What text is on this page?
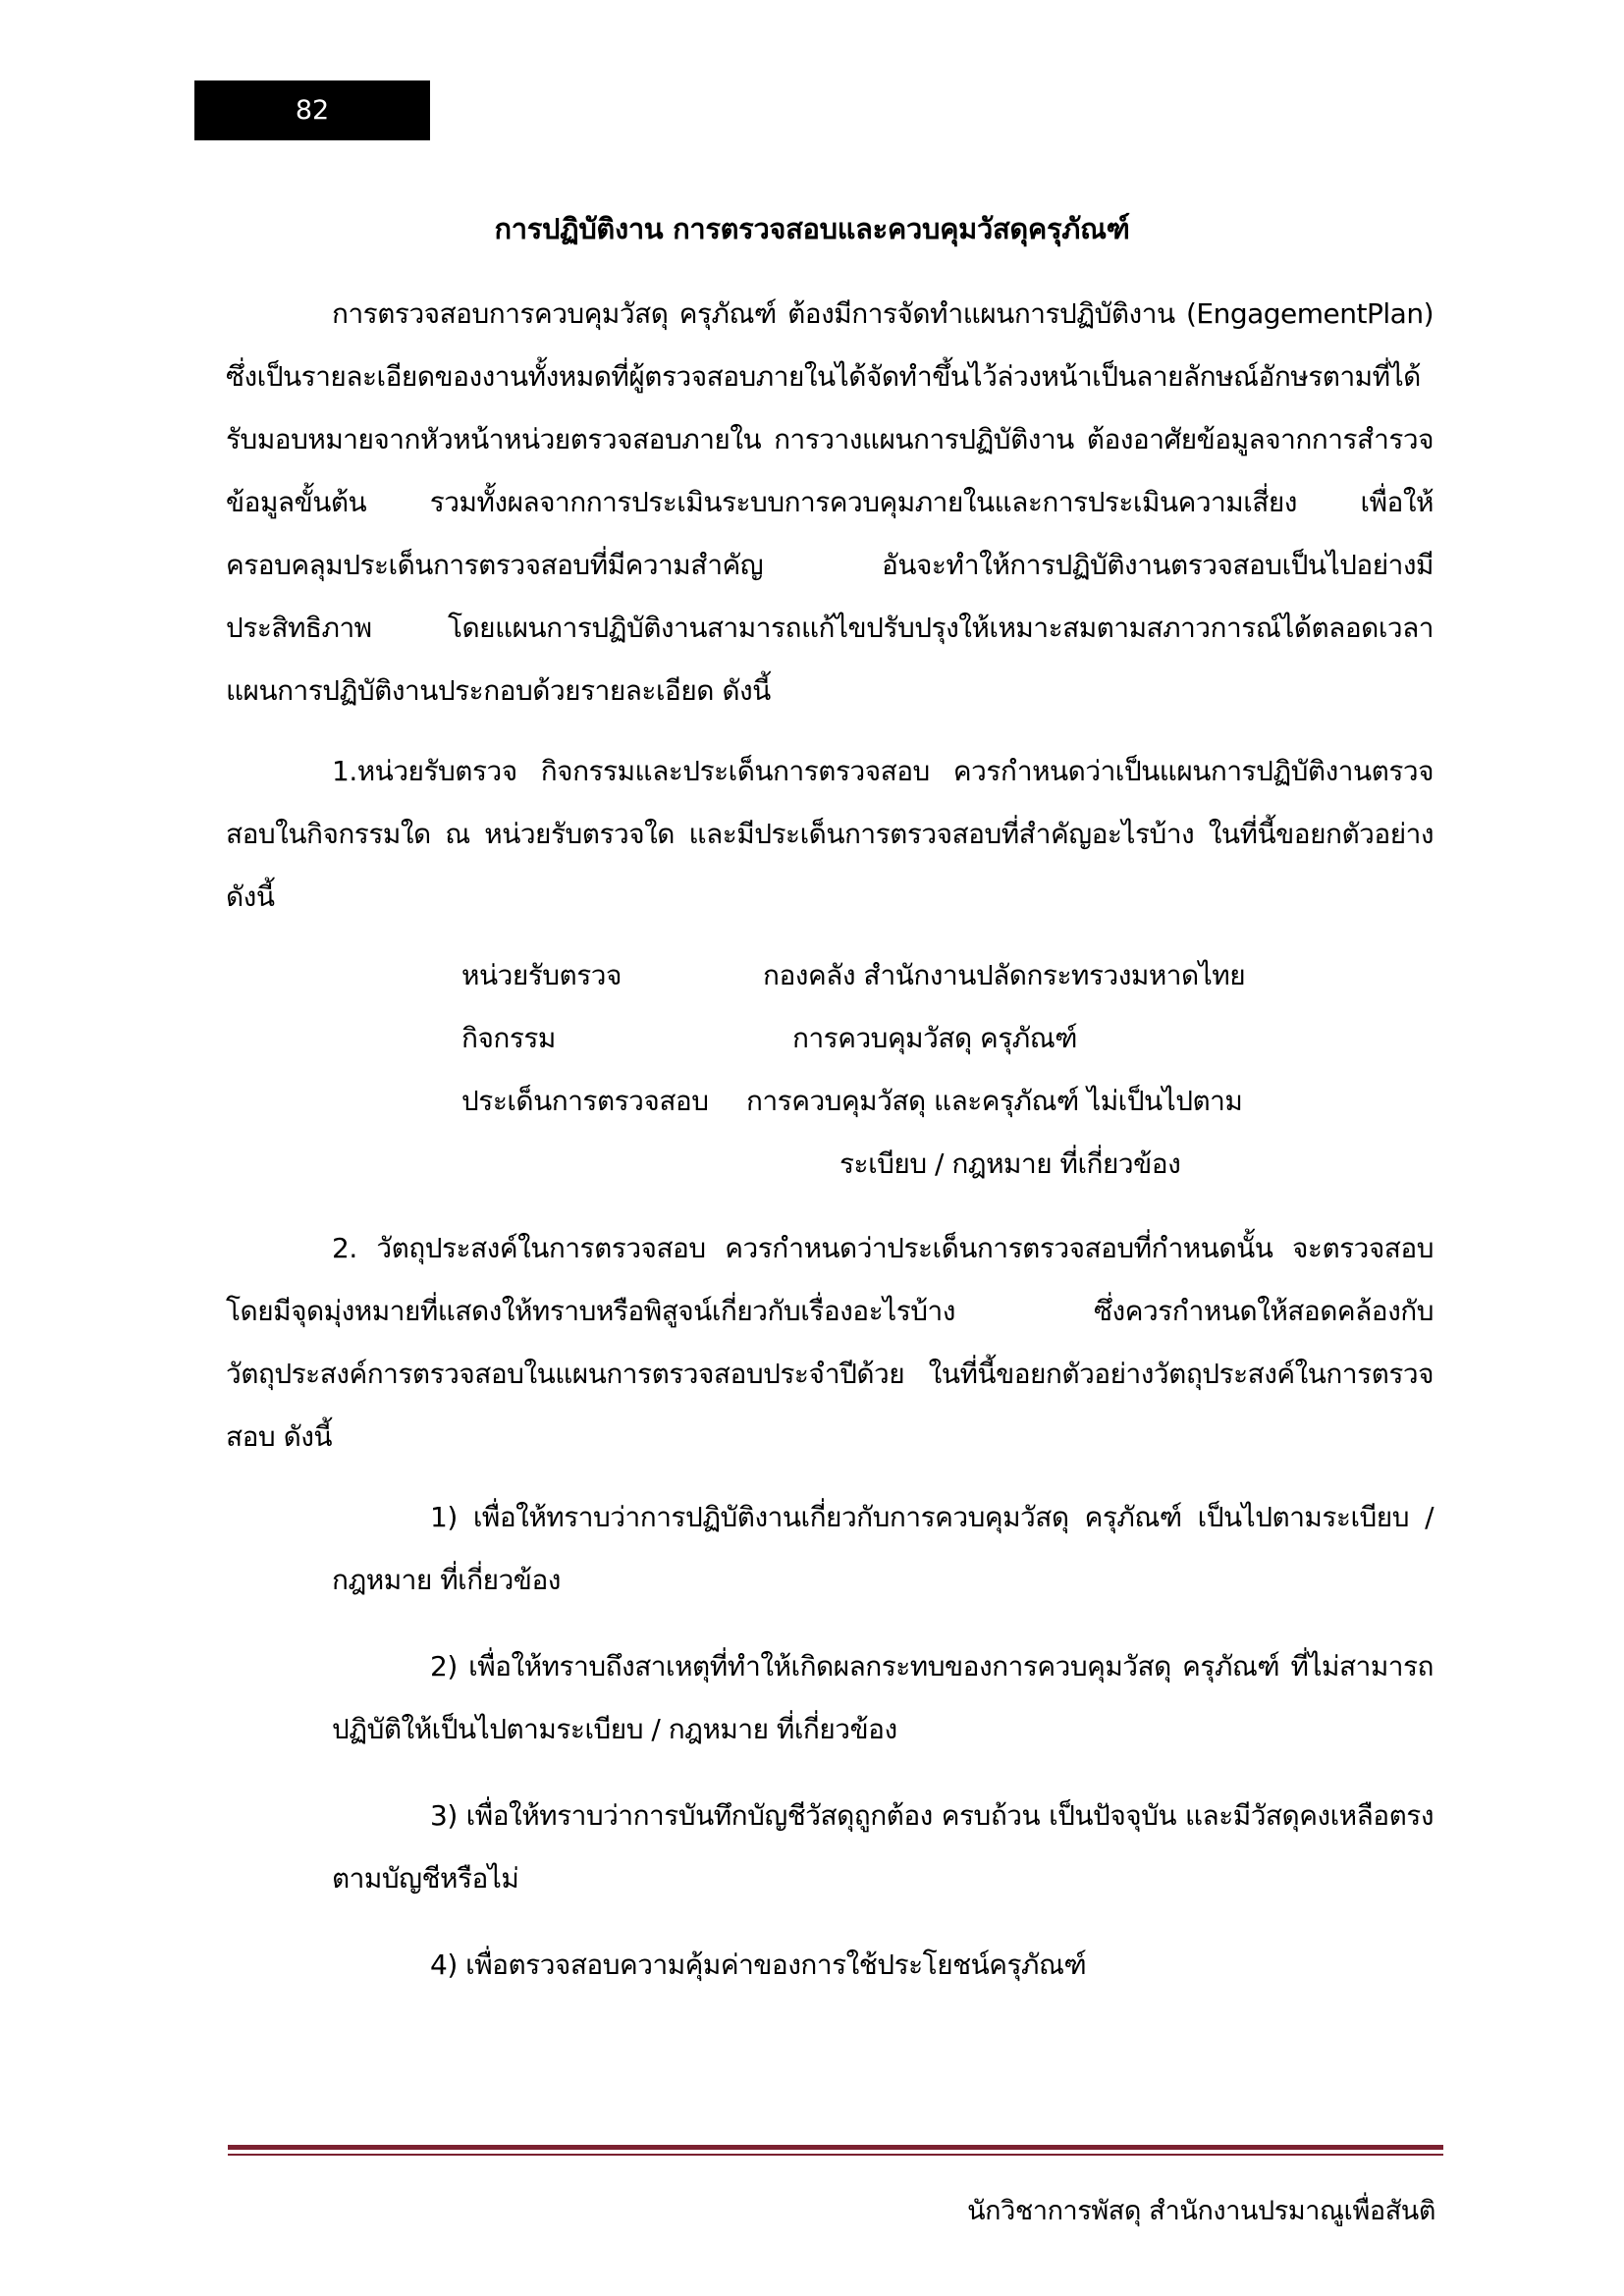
82
การปฏิบัติงาน การตรวจสอบและควบคุมวัสดุครุภัณฑ์
การตรวจสอบการควบคุมวัสดุ ครุภัณฑ์ ต้องมีการจัดทำแผนการปฏิบัติงาน (EngagementPlan) ซึ่งเป็นรายละเอียดของงานทั้งหมดที่ผู้ตรวจสอบภายในได้จัดทำขึ้นไว้ล่วงหน้าเป็นลายลักษณ์อักษรตามที่ได้รับมอบหมายจากหัวหน้าหน่วยตรวจสอบภายใน การวางแผนการปฏิบัติงาน ต้องอาศัยข้อมูลจากการสำรวจข้อมูลขั้นต้น รวมทั้งผลจากการประเมินระบบการควบคุมภายในและการประเมินความเสี่ยง เพื่อให้ครอบคลุมประเด็นการตรวจสอบที่มีความสำคัญ อันจะทำให้การปฏิบัติงานตรวจสอบเป็นไปอย่างมีประสิทธิภาพ โดยแผนการปฏิบัติงานสามารถแก้ไขปรับปรุงให้เหมาะสมตามสภาวการณ์ได้ตลอดเวลา แผนการปฏิบัติงานประกอบด้วยรายละเอียด ดังนี้
1.หน่วยรับตรวจ กิจกรรมและประเด็นการตรวจสอบ ควรกำหนดว่าเป็นแผนการปฏิบัติงานตรวจสอบในกิจกรรมใด ณ หน่วยรับตรวจใด และมีประเด็นการตรวจสอบที่สำคัญอะไรบ้าง ในที่นี้ขอยกตัวอย่าง ดังนี้
หน่วยรับตรวจ	กองคลัง สำนักงานปลัดกระทรวงมหาดไทย
กิจกรรม	การควบคุมวัสดุ ครุภัณฑ์
ประเด็นการตรวจสอบ	การควบคุมวัสดุ และครุภัณฑ์ ไม่เป็นไปตาม
ระเบียบ / กฎหมาย ที่เกี่ยวข้อง
2. วัตถุประสงค์ในการตรวจสอบ ควรกำหนดว่าประเด็นการตรวจสอบที่กำหนดนั้น จะตรวจสอบโดยมีจุดมุ่งหมายที่แสดงให้ทราบหรือพิสูจน์เกี่ยวกับเรื่องอะไรบ้าง ซึ่งควรกำหนดให้สอดคล้องกับวัตถุประสงค์การตรวจสอบในแผนการตรวจสอบประจำปีด้วย ในที่นี้ขอยกตัวอย่างวัตถุประสงค์ในการตรวจสอบ ดังนี้
1) เพื่อให้ทราบว่าการปฏิบัติงานเกี่ยวกับการควบคุมวัสดุ ครุภัณฑ์ เป็นไปตามระเบียบ / กฎหมาย ที่เกี่ยวข้อง
2) เพื่อให้ทราบถึงสาเหตุที่ทำให้เกิดผลกระทบของการควบคุมวัสดุ ครุภัณฑ์ ที่ไม่สามารถปฏิบัติให้เป็นไปตามระเบียบ / กฎหมาย ที่เกี่ยวข้อง
3) เพื่อให้ทราบว่าการบันทึกบัญชีวัสดุถูกต้อง ครบถ้วน เป็นปัจจุบัน และมีวัสดุคงเหลือตรงตามบัญชีหรือไม่
4) เพื่อตรวจสอบความคุ้มค่าของการใช้ประโยชน์ครุภัณฑ์
นักวิชาการพัสดุ สำนักงานปรมาณูเพื่อสันติ
